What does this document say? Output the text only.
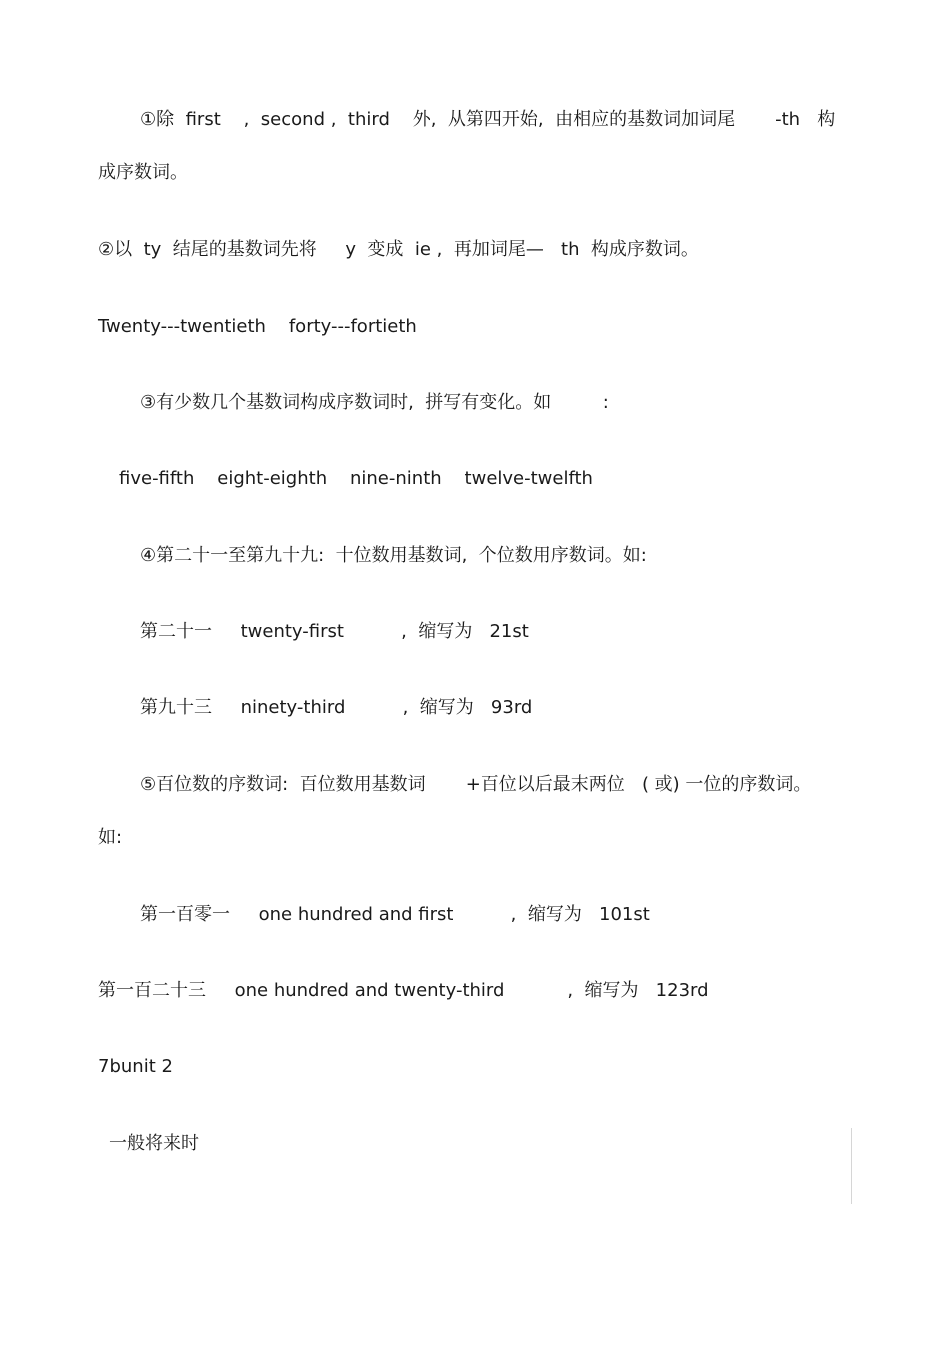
①除  first    ,  second ,  third    外,  从第四开始,  由相应的基数词加词尾       -th   构
成序数词。
②以  ty  结尾的基数词先将     y  变成  ie ,  再加词尾—   th  构成序数词。
Twenty---twentieth    forty---fortieth
③有少数几个基数词构成序数词时,  拼写有变化。如         :
five-fifth    eight-eighth    nine-ninth    twelve-twelfth
④第二十一至第九十九:  十位数用基数词,  个位数用序数词。如:
第二十一     twenty-first          ,  缩写为   21st
第九十三     ninety-third          ,  缩写为   93rd
⑤百位数的序数词:  百位数用基数词       +百位以后最末两位   ( 或) 一位的序数词。
如:
第一百零一     one hundred and first          ,  缩写为   101st
第一百二十三     one hundred and twenty-third           ,  缩写为   123rd
7bunit 2
一般将来时
